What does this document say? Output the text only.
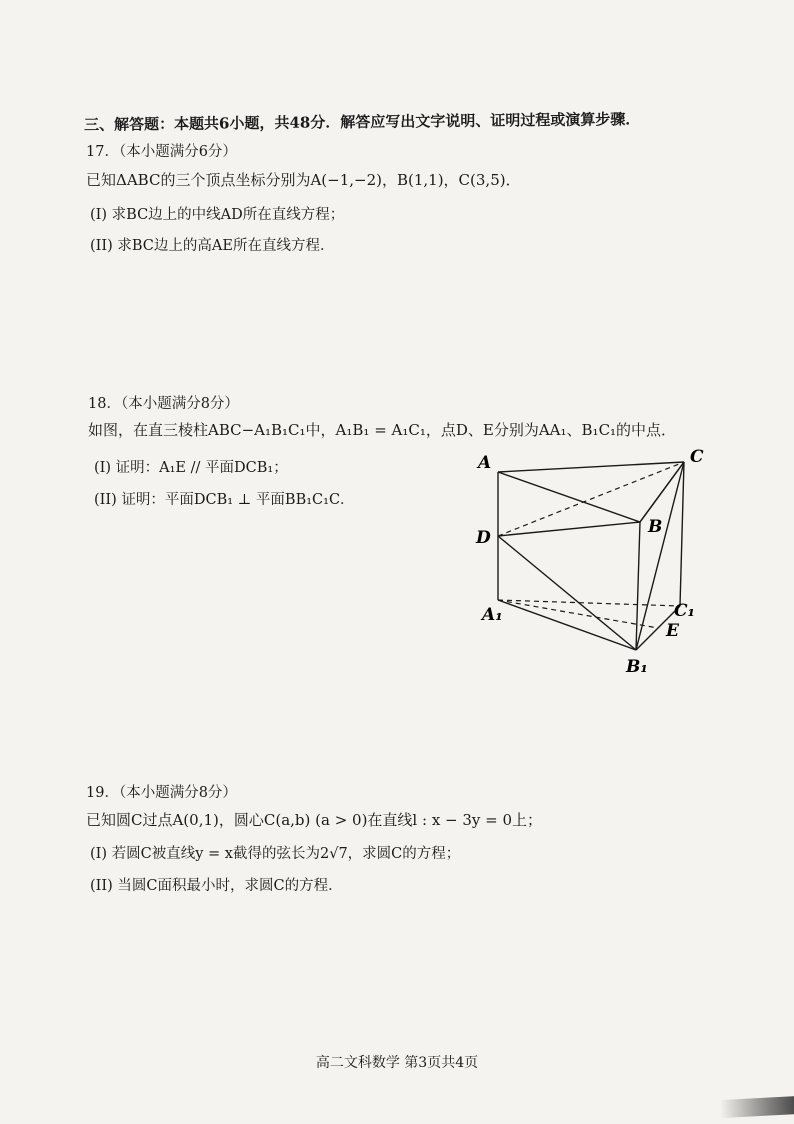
三、解答题：本题共6小题，共48分．解答应写出文字说明、证明过程或演算步骤．
17．（本小题满分6分）
已知ΔABC的三个顶点坐标分别为A(−1,−2)，B(1,1)，C(3,5)．
(I) 求BC边上的中线AD所在直线方程；
(II) 求BC边上的高AE所在直线方程．
18．（本小题满分8分）
如图，在直三棱柱ABC−A₁B₁C₁中，A₁B₁ = A₁C₁，点D、E分别为AA₁、B₁C₁的中点．
(I) 证明：A₁E // 平面DCB₁；
(II) 证明：平面DCB₁ ⊥ 平面BB₁C₁C．
A	C
B
D
A₁	C₁
E
B₁
19．（本小题满分8分）
已知圆C过点A(0,1)，圆心C(a,b) (a > 0)在直线l : x − 3y = 0上；
(I) 若圆C被直线y = x截得的弦长为2√7，求圆C的方程；
(II) 当圆C面积最小时，求圆C的方程．
高二文科数学 第3页共4页
